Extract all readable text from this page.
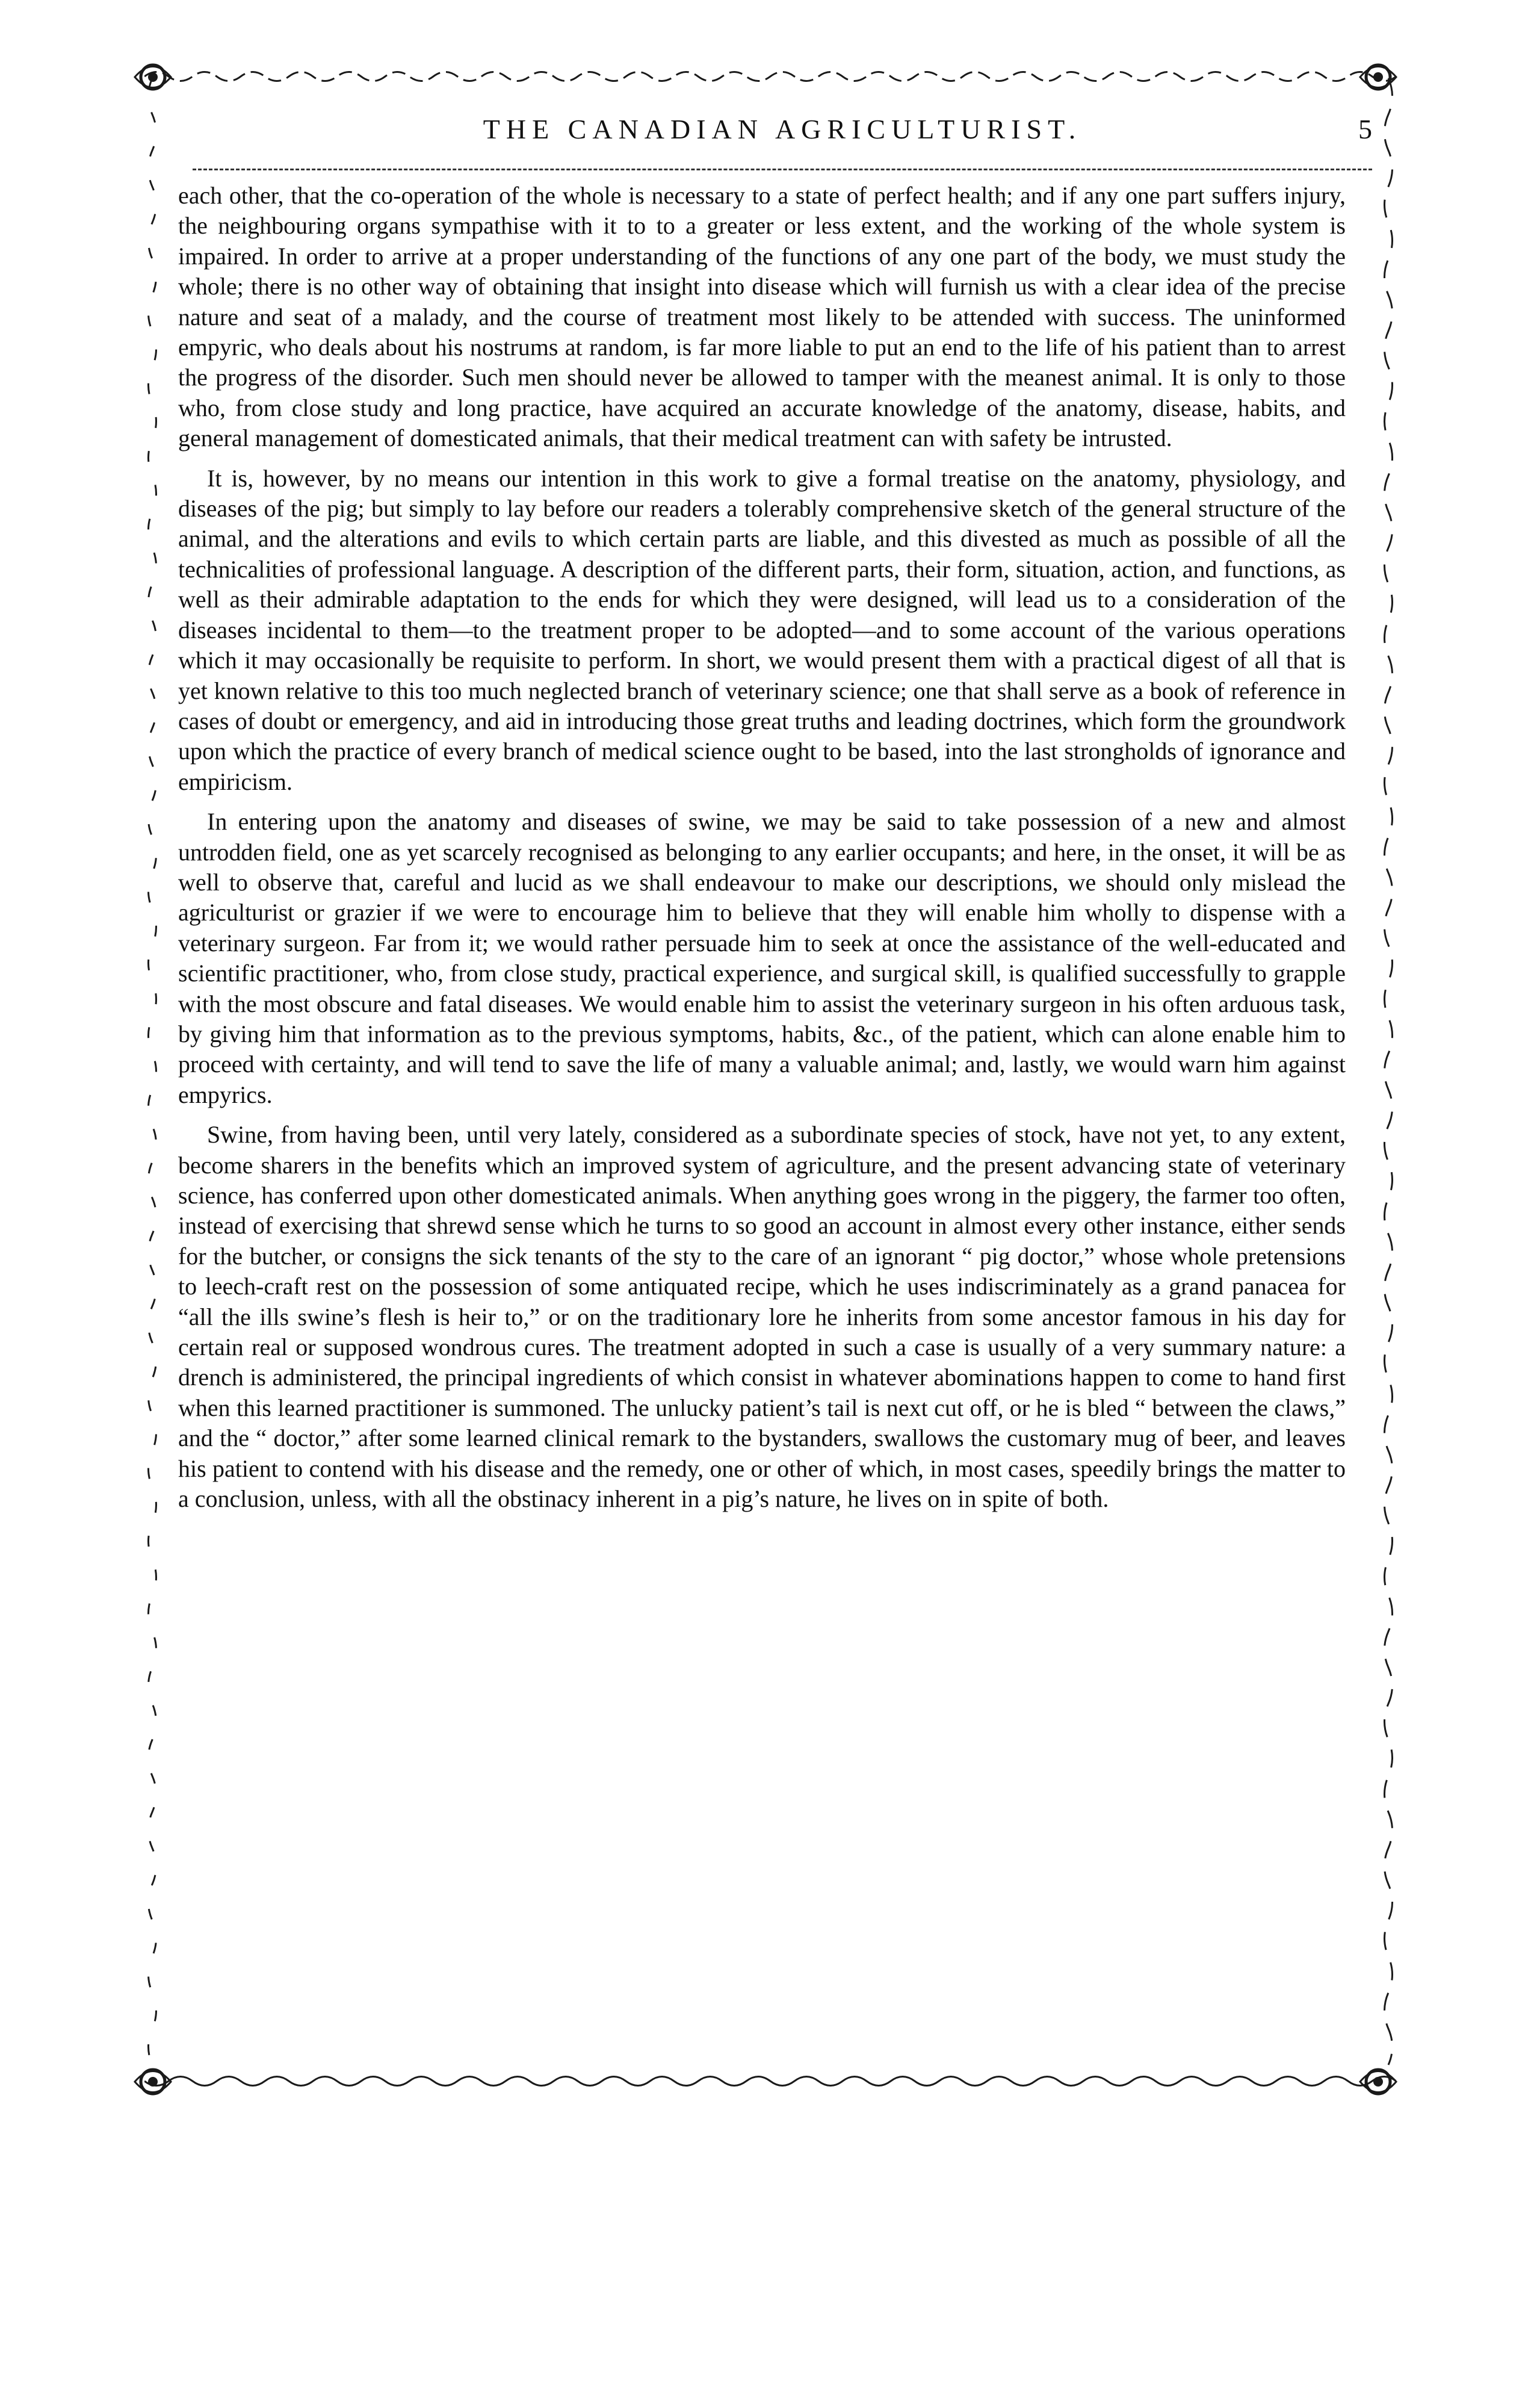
THE CANADIAN AGRICULTURIST.	5

each other, that the co-operation of the whole is necessary to a state of perfect health; and if any one part suffers injury, the neighbouring organs sympathise with it to to a greater or less extent, and the working of the whole system is impaired. In order to arrive at a proper understanding of the functions of any one part of the body, we must study the whole; there is no other way of obtaining that insight into disease which will furnish us with a clear idea of the precise nature and seat of a malady, and the course of treatment most likely to be attended with success. The uninformed empyric, who deals about his nostrums at random, is far more liable to put an end to the life of his patient than to arrest the progress of the disorder. Such men should never be allowed to tamper with the meanest animal. It is only to those who, from close study and long practice, have acquired an accurate knowledge of the anatomy, disease, habits, and general management of domesticated animals, that their medical treatment can with safety be intrusted.

It is, however, by no means our intention in this work to give a formal treatise on the anatomy, physiology, and diseases of the pig; but simply to lay before our readers a tolerably comprehensive sketch of the general structure of the animal, and the alterations and evils to which certain parts are liable, and this divested as much as possible of all the technicalities of professional language. A description of the different parts, their form, situation, action, and functions, as well as their admirable adaptation to the ends for which they were designed, will lead us to a consideration of the diseases incidental to them—to the treatment proper to be adopted—and to some account of the various operations which it may occasionally be requisite to perform. In short, we would present them with a practical digest of all that is yet known relative to this too much neglected branch of veterinary science; one that shall serve as a book of reference in cases of doubt or emergency, and aid in introducing those great truths and leading doctrines, which form the groundwork upon which the practice of every branch of medical science ought to be based, into the last strongholds of ignorance and empiricism.

In entering upon the anatomy and diseases of swine, we may be said to take possession of a new and almost untrodden field, one as yet scarcely recognised as belonging to any earlier occupants; and here, in the onset, it will be as well to observe that, careful and lucid as we shall endeavour to make our descriptions, we should only mislead the agriculturist or grazier if we were to encourage him to believe that they will enable him wholly to dispense with a veterinary surgeon. Far from it; we would rather persuade him to seek at once the assistance of the well-educated and scientific practitioner, who, from close study, practical experience, and surgical skill, is qualified successfully to grapple with the most obscure and fatal diseases. We would enable him to assist the veterinary surgeon in his often arduous task, by giving him that information as to the previous symptoms, habits, &c., of the patient, which can alone enable him to proceed with certainty, and will tend to save the life of many a valuable animal; and, lastly, we would warn him against empyrics.

Swine, from having been, until very lately, considered as a subordinate species of stock, have not yet, to any extent, become sharers in the benefits which an improved system of agriculture, and the present advancing state of veterinary science, has conferred upon other domesticated animals. When anything goes wrong in the piggery, the farmer too often, instead of exercising that shrewd sense which he turns to so good an account in almost every other instance, either sends for the butcher, or consigns the sick tenants of the sty to the care of an ignorant “ pig doctor,” whose whole pretensions to leech-craft rest on the possession of some antiquated recipe, which he uses indiscriminately as a grand panacea for “all the ills swine’s flesh is heir to,” or on the traditionary lore he inherits from some ancestor famous in his day for certain real or supposed wondrous cures. The treatment adopted in such a case is usually of a very summary nature: a drench is administered, the principal ingredients of which consist in whatever abominations happen to come to hand first when this learned practitioner is summoned. The unlucky patient’s tail is next cut off, or he is bled “ between the claws,” and the “ doctor,” after some learned clinical remark to the bystanders, swallows the customary mug of beer, and leaves his patient to contend with his disease and the remedy, one or other of which, in most cases, speedily brings the matter to a conclusion, unless, with all the obstinacy inherent in a pig’s nature, he lives on in spite of both.
